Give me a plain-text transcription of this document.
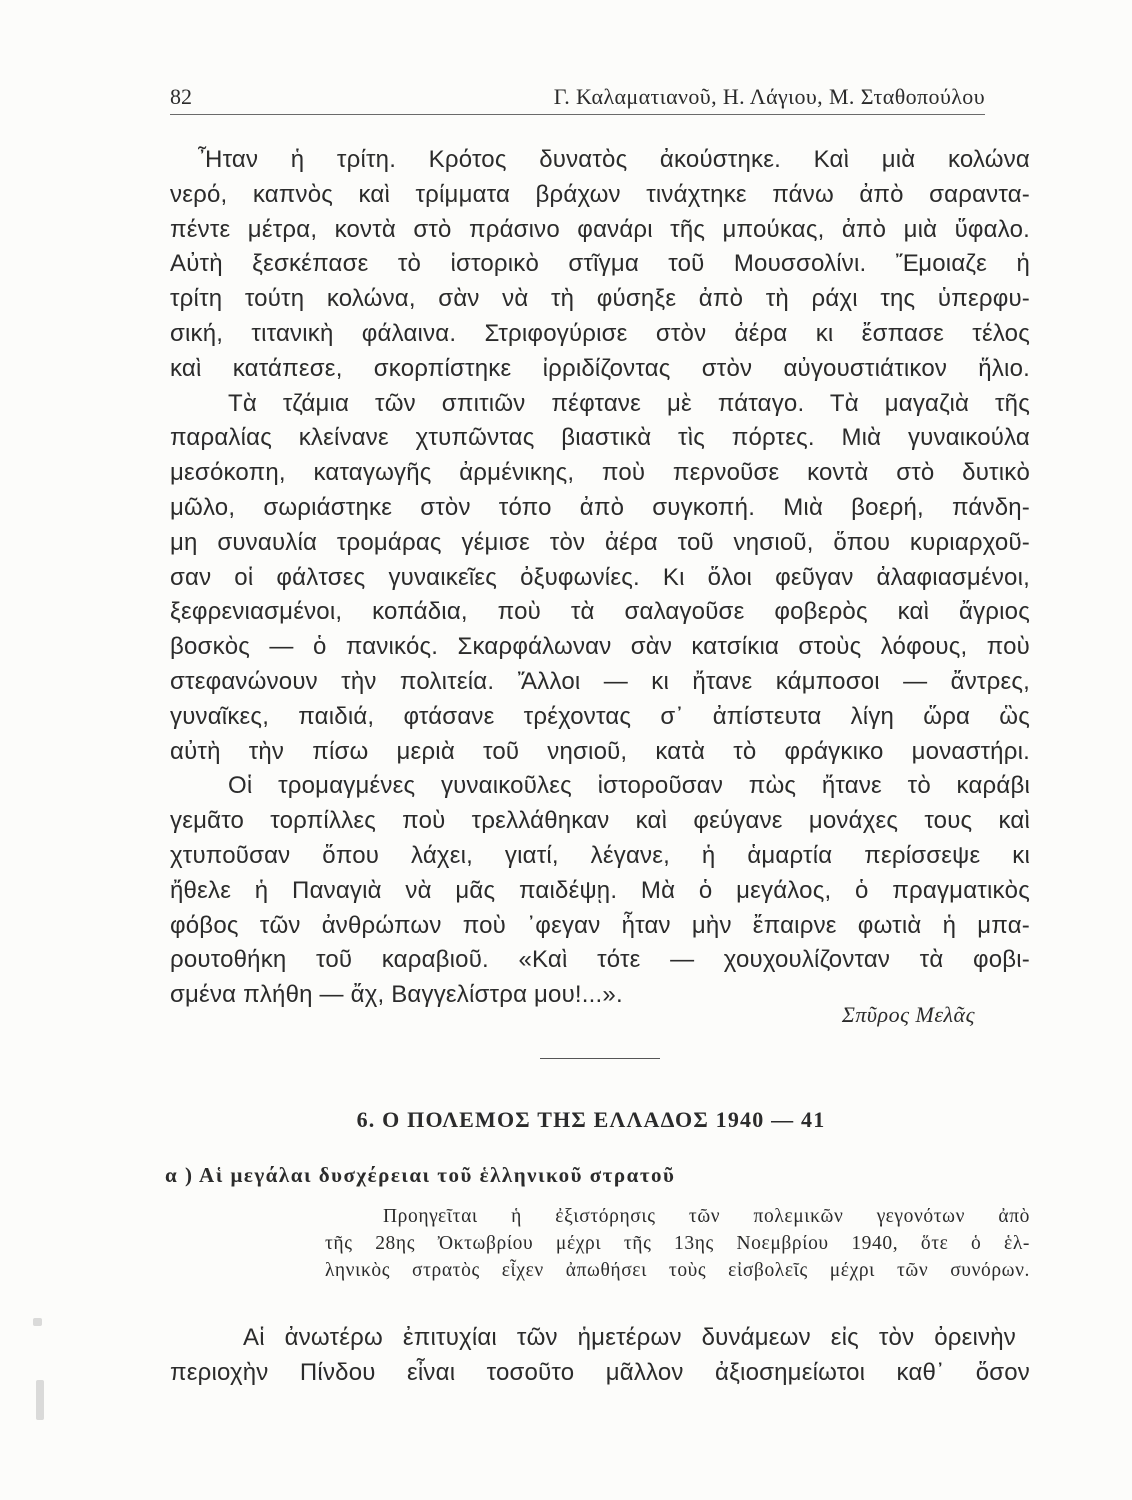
82	Γ. Καλαματιανοῦ, Η. Λάγιου, Μ. Σταθοπούλου
Ἦταν ἡ τρίτη. Κρότος δυνατὸς ἀκούστηκε. Καὶ μιὰ κολώνα
νερό, καπνὸς καὶ τρίμματα βράχων τινάχτηκε πάνω ἀπὸ σαραντα-
πέντε μέτρα, κοντὰ στὸ πράσινο φανάρι τῆς μπούκας, ἀπὸ μιὰ ὕφαλο.
Αὐτὴ ξεσκέπασε τὸ ἱστορικὸ στῖγμα τοῦ Μουσσολίνι. Ἔμοιαζε ἡ
τρίτη τούτη κολώνα, σὰν νὰ τὴ φύσηξε ἀπὸ τὴ ράχι της ὑπερφυ-
σική, τιτανικὴ φάλαινα. Στριφογύρισε στὸν ἀέρα κι ἔσπασε τέλος
καὶ κατάπεσε, σκορπίστηκε ἰρριδίζοντας στὸν αὐγουστιάτικον ἥλιο.
Τὰ τζάμια τῶν σπιτιῶν πέφτανε μὲ πάταγο. Τὰ μαγαζιὰ τῆς
παραλίας κλείνανε χτυπῶντας βιαστικὰ τὶς πόρτες. Μιὰ γυναικούλα
μεσόκοπη, καταγωγῆς ἀρμένικης, ποὺ περνοῦσε κοντὰ στὸ δυτικὸ
μῶλο, σωριάστηκε στὸν τόπο ἀπὸ συγκοπή. Μιὰ βοερή, πάνδη-
μη συναυλία τρομάρας γέμισε τὸν ἀέρα τοῦ νησιοῦ, ὅπου κυριαρχοῦ-
σαν οἱ φάλτσες γυναικεῖες ὀξυφωνίες. Κι ὅλοι φεῦγαν ἀλαφιασμένοι,
ξεφρενιασμένοι, κοπάδια, ποὺ τὰ σαλαγοῦσε φοβερὸς καὶ ἄγριος
βοσκὸς — ὁ πανικός. Σκαρφάλωναν σὰν κατσίκια στοὺς λόφους, ποὺ
στεφανώνουν τὴν πολιτεία. Ἄλλοι — κι ἤτανε κάμποσοι — ἄντρες,
γυναῖκες, παιδιά, φτάσανε τρέχοντας σ᾽ ἀπίστευτα λίγη ὥρα ὣς
αὐτὴ τὴν πίσω μεριὰ τοῦ νησιοῦ, κατὰ τὸ φράγκικο μοναστήρι.
Οἱ τρομαγμένες γυναικοῦλες ἱστοροῦσαν πὼς ἤτανε τὸ καράβι
γεμᾶτο τορπίλλες ποὺ τρελλάθηκαν καὶ φεύγανε μονάχες τους καὶ
χτυποῦσαν ὅπου λάχει, γιατί, λέγανε, ἡ ἁμαρτία περίσσεψε κι
ἤθελε ἡ Παναγιὰ νὰ μᾶς παιδέψῃ. Μὰ ὁ μεγάλος, ὁ πραγματικὸς
φόβος τῶν ἀνθρώπων ποὺ ᾽φεγαν ἦταν μὴν ἔπαιρνε φωτιὰ ἡ μπα-
ρουτοθήκη τοῦ καραβιοῦ. «Καὶ τότε — χουχουλίζονταν τὰ φοβι-
σμένα πλήθη — ἄχ, Βαγγελίστρα μου!...».
Σπῦρος Μελᾶς
6. Ο ΠΟΛΕΜΟΣ ΤΗΣ ΕΛΛΑΔΟΣ 1940 — 41
α ) Αἱ μεγάλαι δυσχέρειαι τοῦ ἑλληνικοῦ στρατοῦ
Προηγεῖται ἡ ἐξιστόρησις τῶν πολεμικῶν γεγονότων ἀπὸ
τῆς 28ης Ὀκτωβρίου μέχρι τῆς 13ης Νοεμβρίου 1940, ὅτε ὁ ἑλ-
ληνικὸς στρατὸς εἶχεν ἀπωθήσει τοὺς εἰσβολεῖς μέχρι τῶν συνόρων.
Αἱ ἀνωτέρω ἐπιτυχίαι τῶν ἡμετέρων δυνάμεων εἰς τὸν ὀρεινὴν
περιοχὴν Πίνδου εἶναι τοσοῦτο μᾶλλον ἀξιοσημείωτοι καθ᾽ ὅσον
